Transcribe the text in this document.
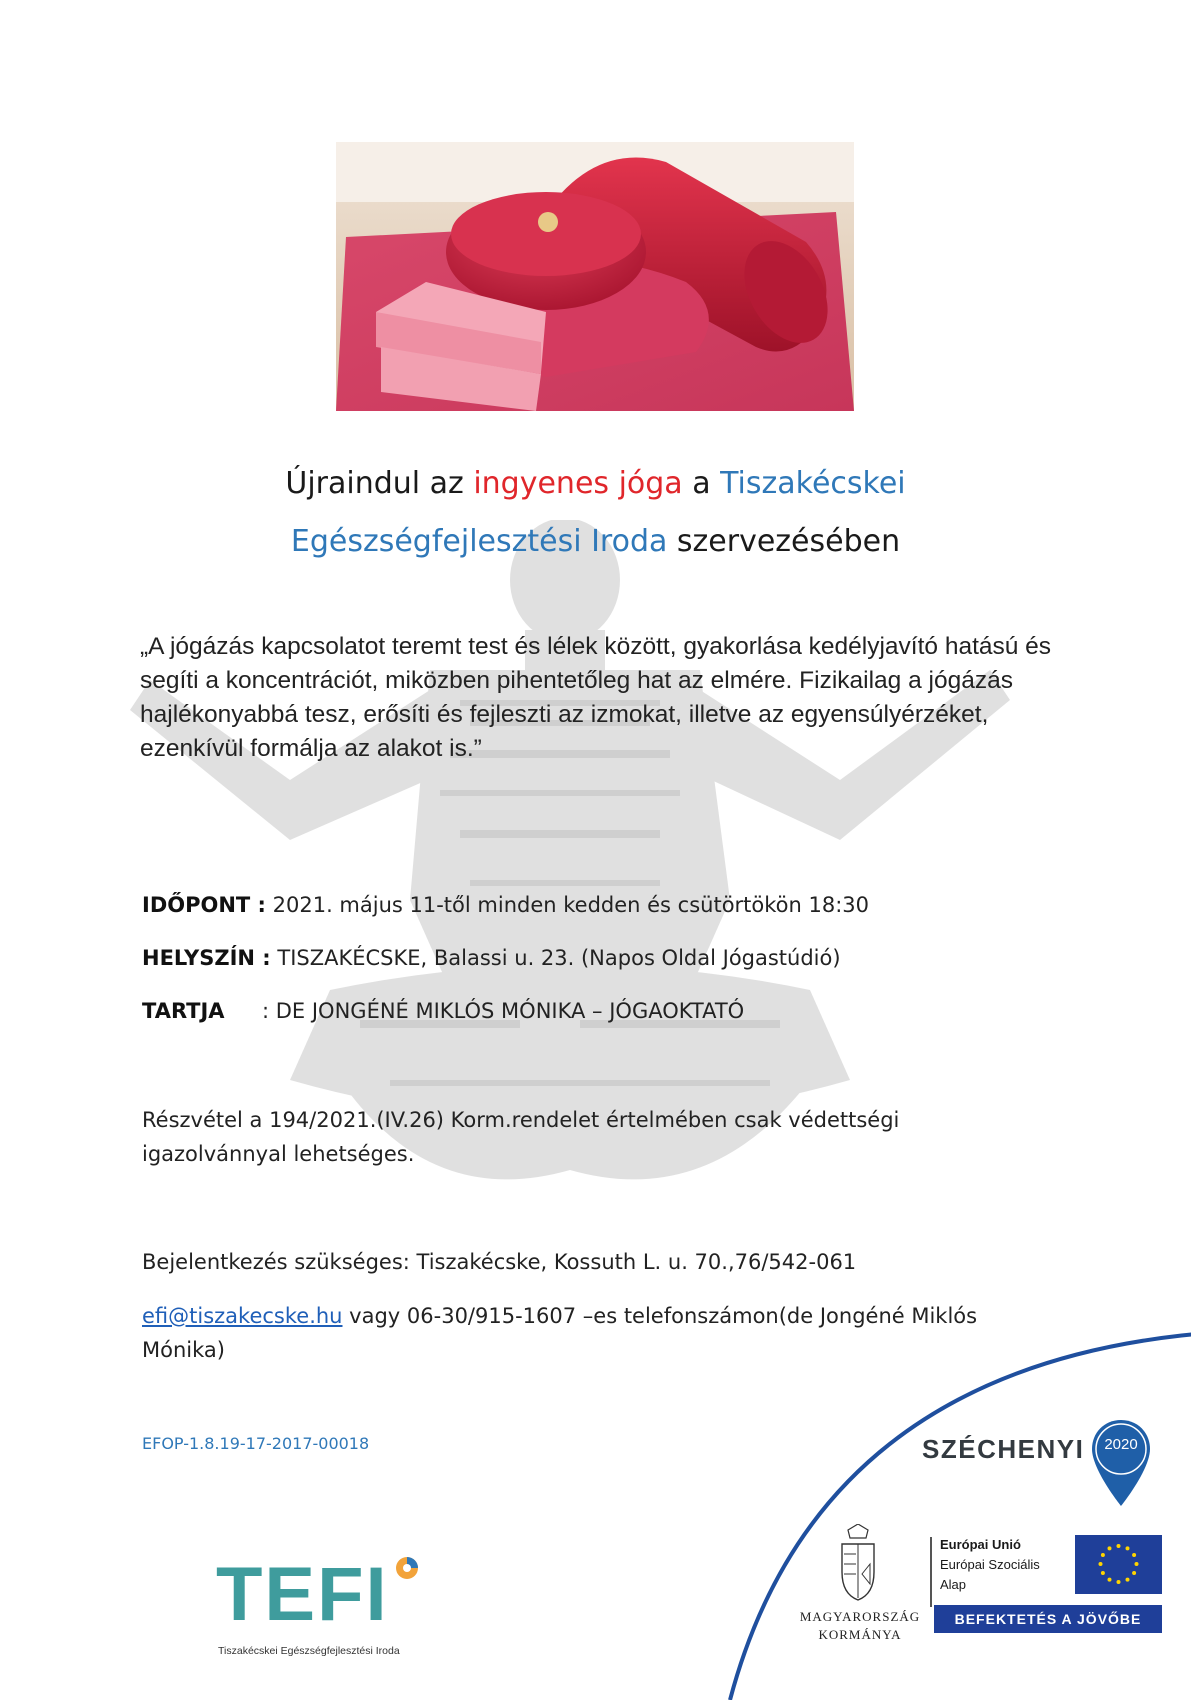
Újraindul az ingyenes jóga a Tiszakécskei
Egészségfejlesztési Iroda szervezésében
„A jógázás kapcsolatot teremt test és lélek között, gyakorlása kedélyjavító hatású és segíti a koncentrációt, miközben pihentetőleg hat az elmére. Fizikailag a jógázás hajlékonyabbá tesz, erősíti és fejleszti az izmokat, illetve az egyensúlyérzéket, ezenkívül formálja az alakot is.”
IDŐPONT : 2021. május 11-től minden kedden és csütörtökön 18:30
HELYSZÍN : TISZAKÉCSKE, Balassi u. 23. (Napos Oldal Jógastúdió)
TARTJA : DE JONGÉNÉ MIKLÓS MÓNIKA – JÓGAOKTATÓ
Részvétel a 194/2021.(IV.26) Korm.rendelet értelmében csak védettségi igazolvánnyal lehetséges.
Bejelentkezés szükséges: Tiszakécske, Kossuth L. u. 70.,76/542-061
efi@tiszakecske.hu vagy 06-30/915-1607 –es telefonszámon(de Jongéné Miklós Mónika)
EFOP-1.8.19-17-2017-00018
TEFI
Tiszakécskei Egészségfejlesztési Iroda
SZÉCHENYI	2020
MAGYARORSZÁG
KORMÁNYA
Európai Unió
Európai Szociális
Alap
BEFEKTETÉS A JÖVŐBE
